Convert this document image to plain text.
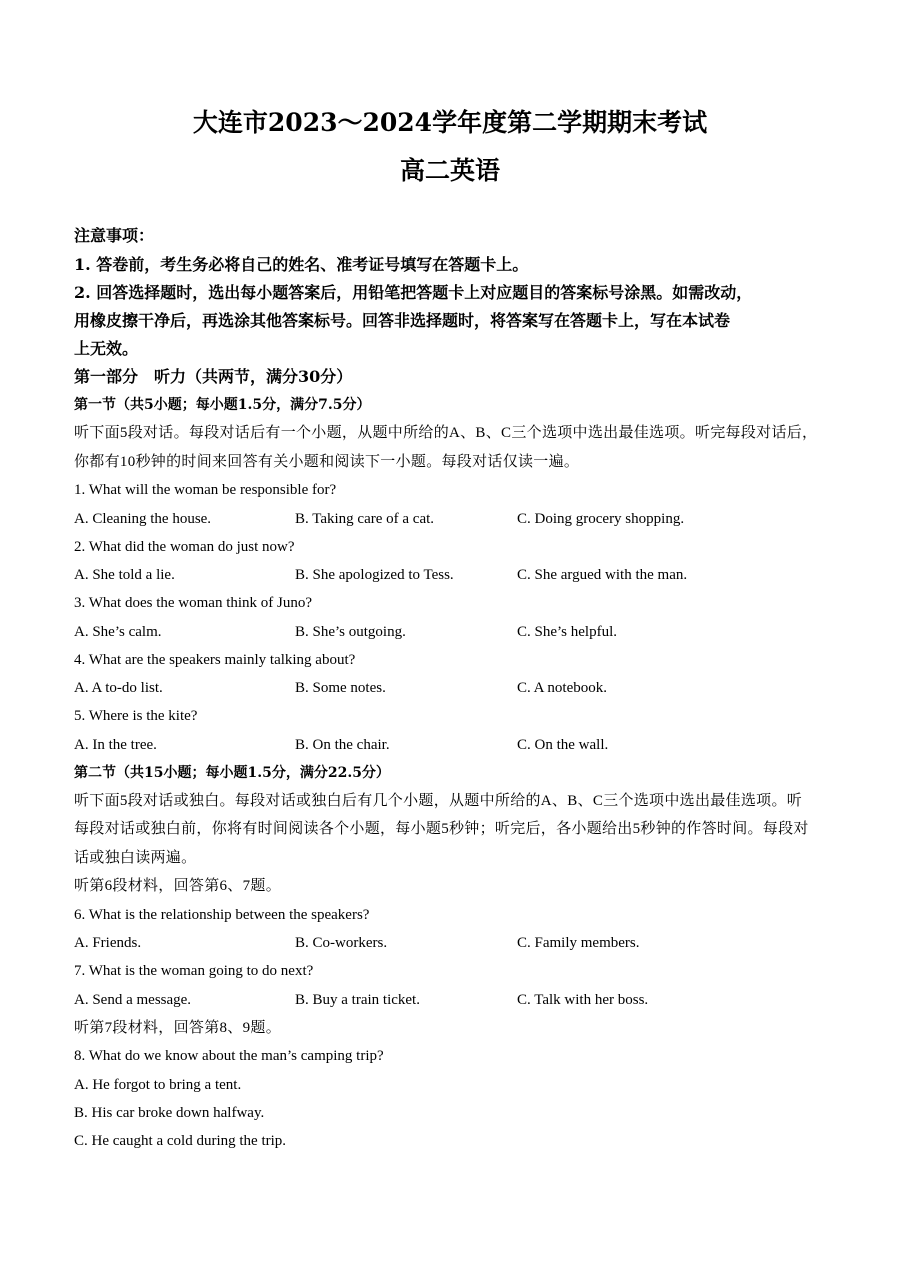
大连市2023～2024学年度第二学期期末考试
高二英语
注意事项：
1. 答卷前，考生务必将自己的姓名、准考证号填写在答题卡上。
2. 回答选择题时，选出每小题答案后，用铅笔把答题卡上对应题目的答案标号涂黑。如需改动，
用橡皮擦干净后，再选涂其他答案标号。回答非选择题时，将答案写在答题卡上，写在本试卷
上无效。
第一部分　听力（共两节，满分30分）
第一节（共5小题；每小题1.5分，满分7.5分）
听下面5段对话。每段对话后有一个小题，从题中所给的A、B、C三个选项中选出最佳选项。听完每段对话后，
你都有10秒钟的时间来回答有关小题和阅读下一小题。每段对话仅读一遍。
1. What will the woman be responsible for?
A. Cleaning the house.	B. Taking care of a cat.	C. Doing grocery shopping.
2. What did the woman do just now?
A. She told a lie.	B. She apologized to Tess.	C. She argued with the man.
3. What does the woman think of Juno?
A. She’s calm.	B. She’s outgoing.	C. She’s helpful.
4. What are the speakers mainly talking about?
A. A to-do list.	B. Some notes.	C. A notebook.
5. Where is the kite?
A. In the tree.	B. On the chair.	C. On the wall.
第二节（共15小题；每小题1.5分，满分22.5分）
听下面5段对话或独白。每段对话或独白后有几个小题，从题中所给的A、B、C三个选项中选出最佳选项。听
每段对话或独白前，你将有时间阅读各个小题，每小题5秒钟；听完后，各小题给出5秒钟的作答时间。每段对
话或独白读两遍。
听第6段材料，回答第6、7题。
6. What is the relationship between the speakers?
A. Friends.	B. Co-workers.	C. Family members.
7. What is the woman going to do next?
A. Send a message.	B. Buy a train ticket.	C. Talk with her boss.
听第7段材料，回答第8、9题。
8. What do we know about the man’s camping trip?
A. He forgot to bring a tent.
B. His car broke down halfway.
C. He caught a cold during the trip.
